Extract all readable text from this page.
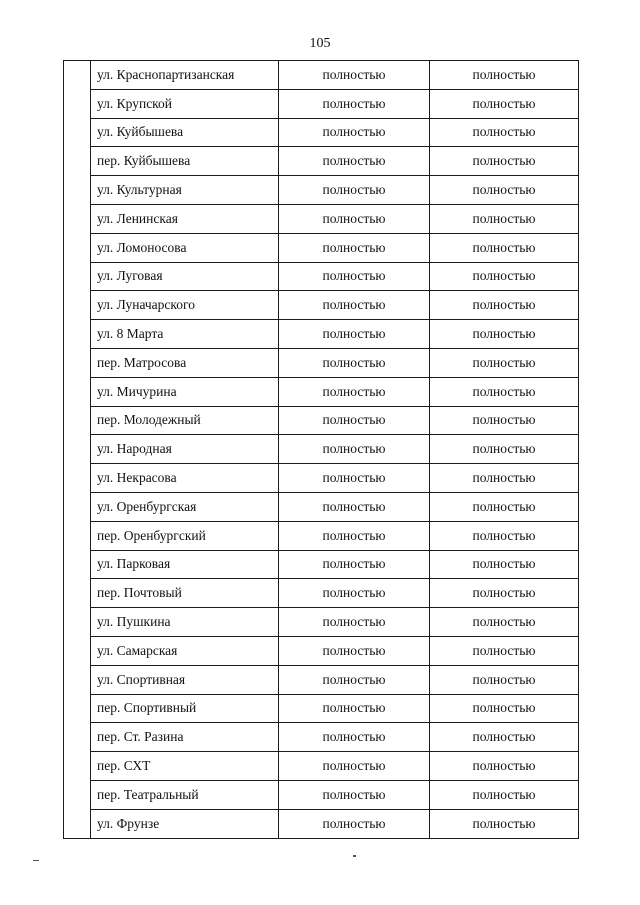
105
	ул. Краснопартизанская	полностью	полностью
	ул. Крупской	полностью	полностью
	ул. Куйбышева	полностью	полностью
	пер. Куйбышева	полностью	полностью
	ул. Культурная	полностью	полностью
	ул. Ленинская	полностью	полностью
	ул. Ломоносова	полностью	полностью
	ул. Луговая	полностью	полностью
	ул. Луначарского	полностью	полностью
	ул. 8 Марта	полностью	полностью
	пер. Матросова	полностью	полностью
	ул. Мичурина	полностью	полностью
	пер. Молодежный	полностью	полностью
	ул. Народная	полностью	полностью
	ул. Некрасова	полностью	полностью
	ул. Оренбургская	полностью	полностью
	пер. Оренбургский	полностью	полностью
	ул. Парковая	полностью	полностью
	пер. Почтовый	полностью	полностью
	ул. Пушкина	полностью	полностью
	ул. Самарская	полностью	полностью
	ул. Спортивная	полностью	полностью
	пер. Спортивный	полностью	полностью
	пер. Ст. Разина	полностью	полностью
	пер. СХТ	полностью	полностью
	пер. Театральный	полностью	полностью
	ул. Фрунзе	полностью	полностью
